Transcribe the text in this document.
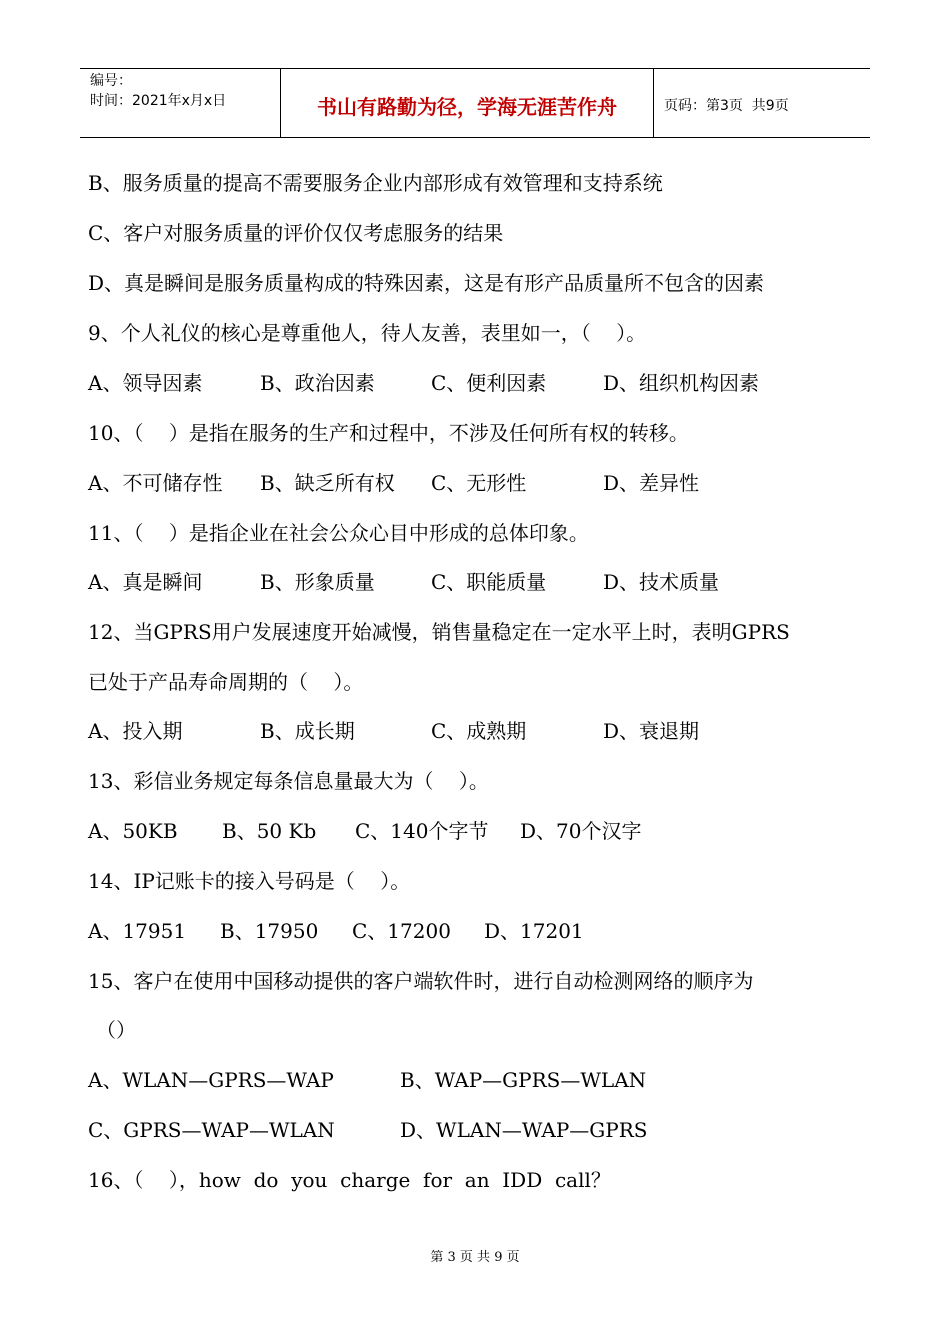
编号：
时间：2021年x月x日	书山有路勤为径，学海无涯苦作舟	页码：第3页  共9页
B、服务质量的提高不需要服务企业内部形成有效管理和支持系统
C、客户对服务质量的评价仅仅考虑服务的结果
D、真是瞬间是服务质量构成的特殊因素，这是有形产品质量所不包含的因素
9、个人礼仪的核心是尊重他人，待人友善，表里如一，（    ）。
A、领导因素	B、政治因素	C、便利因素	D、组织机构因素
10、（    ）是指在服务的生产和过程中，不涉及任何所有权的转移。
A、不可储存性 B、缺乏所有权 C、无形性	D、差异性
11、（    ）是指企业在社会公众心目中形成的总体印象。
A、真是瞬间	B、形象质量	C、职能质量	D、技术质量
12、当GPRS用户发展速度开始减慢，销售量稳定在一定水平上时，表明GPRS
已处于产品寿命周期的（    ）。
A、投入期	B、成长期	C、成熟期	D、衰退期
13、彩信业务规定每条信息量最大为（    ）。
A、50KB B、50 Kb C、140个字节 D、70个汉字
14、IP记账卡的接入号码是（    ）。
A、17951 B、17950 C、17200 D、17201
15、客户在使用中国移动提供的客户端软件时，进行自动检测网络的顺序为
（）
A、WLAN—GPRS—WAP	B、WAP—GPRS—WLAN
C、GPRS—WAP—WLAN	D、WLAN—WAP—GPRS
16、（    ），how  do  you  charge  for  an  IDD  call？
第 3 页 共 9 页
